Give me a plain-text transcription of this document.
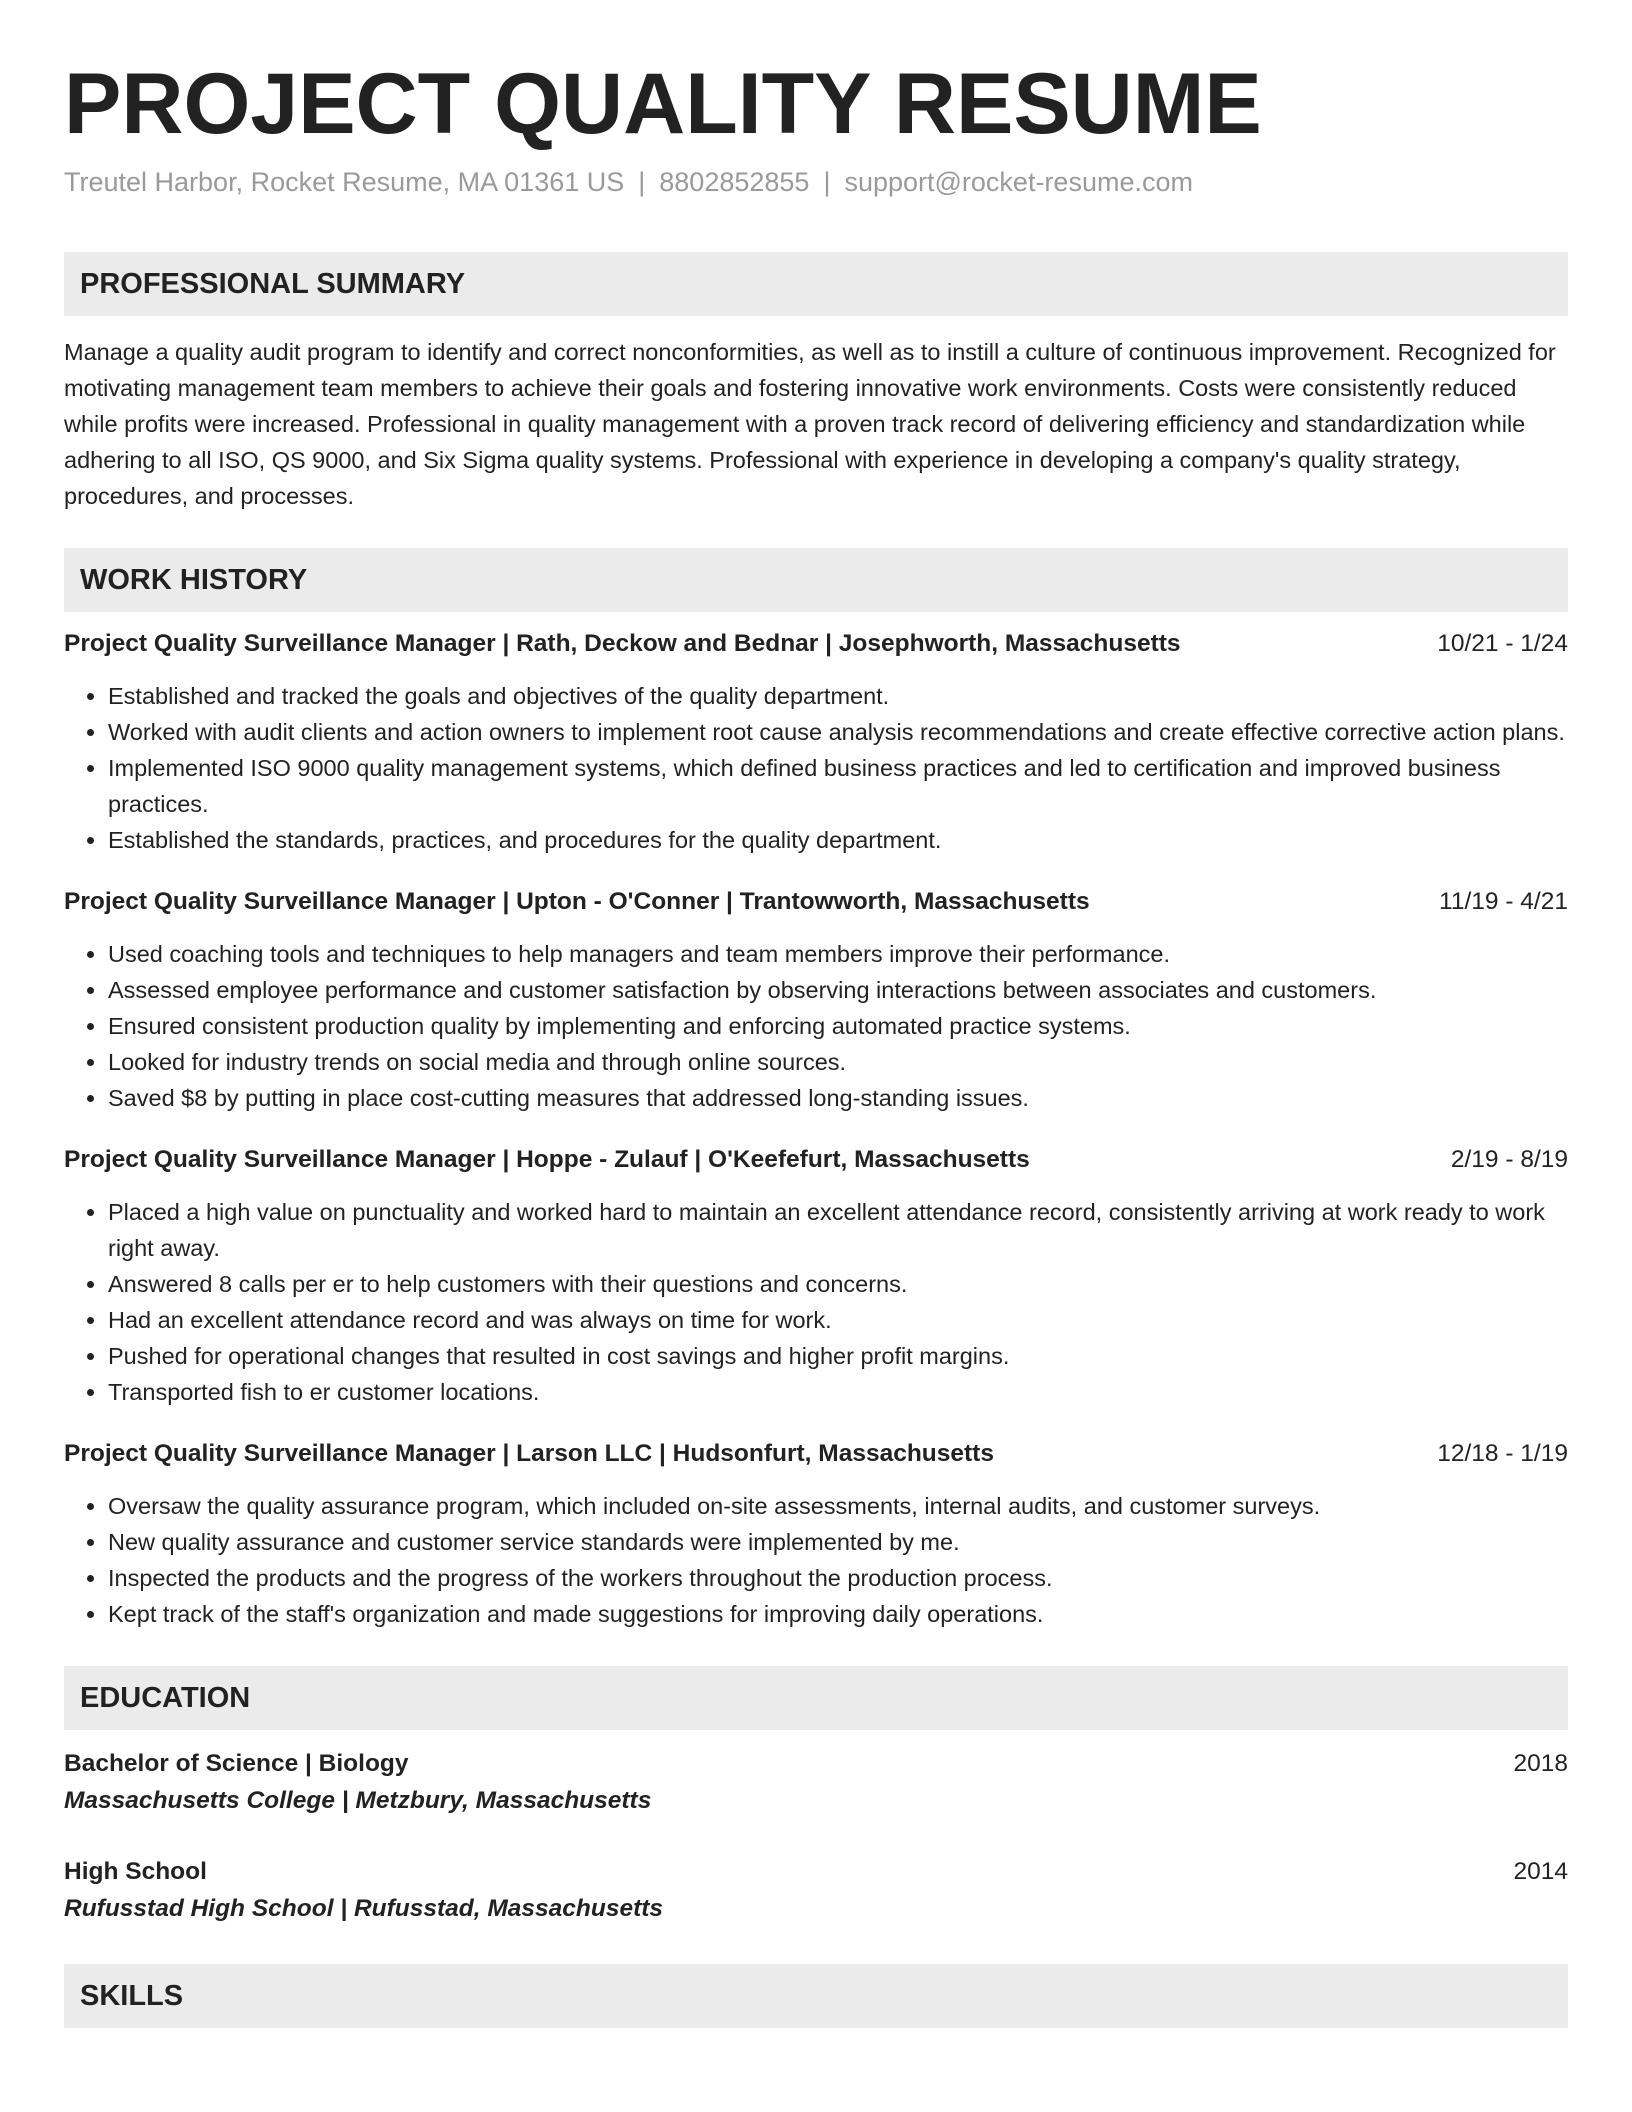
PROJECT QUALITY RESUME
Treutel Harbor, Rocket Resume, MA 01361 US | 8802852855 | support@rocket-resume.com
PROFESSIONAL SUMMARY
Manage a quality audit program to identify and correct nonconformities, as well as to instill a culture of continuous improvement. Recognized for motivating management team members to achieve their goals and fostering innovative work environments. Costs were consistently reduced while profits were increased. Professional in quality management with a proven track record of delivering efficiency and standardization while adhering to all ISO, QS 9000, and Six Sigma quality systems. Professional with experience in developing a company's quality strategy, procedures, and processes.
WORK HISTORY
Project Quality Surveillance Manager | Rath, Deckow and Bednar | Josephworth, Massachusetts	10/21 - 1/24
• Established and tracked the goals and objectives of the quality department.
• Worked with audit clients and action owners to implement root cause analysis recommendations and create effective corrective action plans.
• Implemented ISO 9000 quality management systems, which defined business practices and led to certification and improved business practices.
• Established the standards, practices, and procedures for the quality department.
Project Quality Surveillance Manager | Upton - O'Conner | Trantowworth, Massachusetts	11/19 - 4/21
• Used coaching tools and techniques to help managers and team members improve their performance.
• Assessed employee performance and customer satisfaction by observing interactions between associates and customers.
• Ensured consistent production quality by implementing and enforcing automated practice systems.
• Looked for industry trends on social media and through online sources.
• Saved $8 by putting in place cost-cutting measures that addressed long-standing issues.
Project Quality Surveillance Manager | Hoppe - Zulauf | O'Keefefurt, Massachusetts	2/19 - 8/19
• Placed a high value on punctuality and worked hard to maintain an excellent attendance record, consistently arriving at work ready to work right away.
• Answered 8 calls per er to help customers with their questions and concerns.
• Had an excellent attendance record and was always on time for work.
• Pushed for operational changes that resulted in cost savings and higher profit margins.
• Transported fish to er customer locations.
Project Quality Surveillance Manager | Larson LLC | Hudsonfurt, Massachusetts	12/18 - 1/19
• Oversaw the quality assurance program, which included on-site assessments, internal audits, and customer surveys.
• New quality assurance and customer service standards were implemented by me.
• Inspected the products and the progress of the workers throughout the production process.
• Kept track of the staff's organization and made suggestions for improving daily operations.
EDUCATION
Bachelor of Science | Biology	2018
Massachusetts College | Metzbury, Massachusetts
High School	2014
Rufusstad High School | Rufusstad, Massachusetts
SKILLS
